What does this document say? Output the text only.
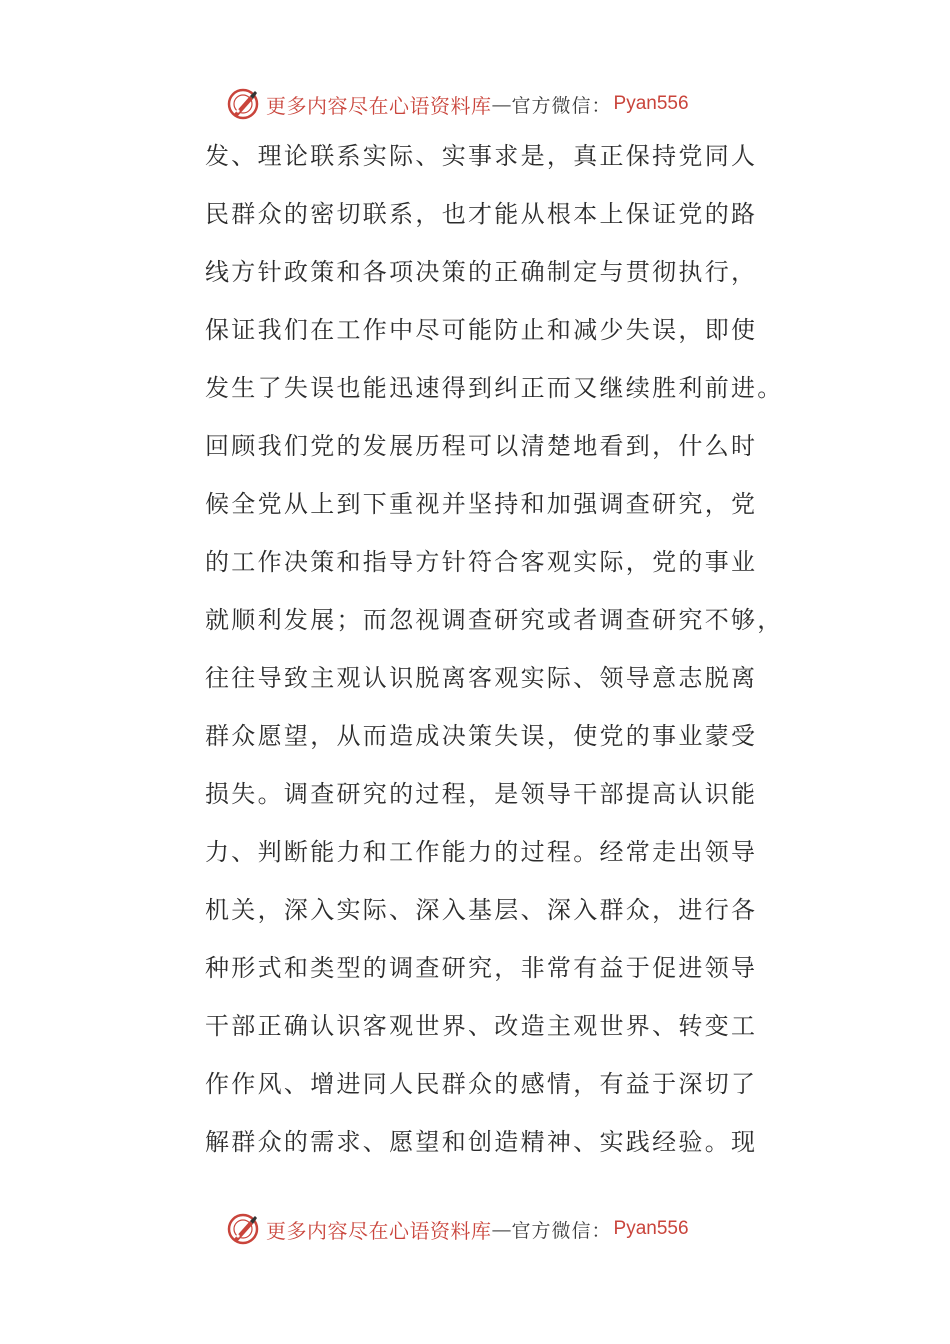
更多内容尽在心语资料库 — 官方微信： Pyan556
发、理论联系实际、实事求是，真正保持党同人
民群众的密切联系，也才能从根本上保证党的路
线方针政策和各项决策的正确制定与贯彻执行，
保证我们在工作中尽可能防止和减少失误，即使
发生了失误也能迅速得到纠正而又继续胜利前进。
回顾我们党的发展历程可以清楚地看到，什么时
候全党从上到下重视并坚持和加强调查研究，党
的工作决策和指导方针符合客观实际，党的事业
就顺利发展；而忽视调查研究或者调查研究不够，
往往导致主观认识脱离客观实际、领导意志脱离
群众愿望，从而造成决策失误，使党的事业蒙受
损失。调查研究的过程，是领导干部提高认识能
力、判断能力和工作能力的过程。经常走出领导
机关，深入实际、深入基层、深入群众，进行各
种形式和类型的调查研究，非常有益于促进领导
干部正确认识客观世界、改造主观世界、转变工
作作风、增进同人民群众的感情，有益于深切了
解群众的需求、愿望和创造精神、实践经验。现
更多内容尽在心语资料库 — 官方微信： Pyan556
